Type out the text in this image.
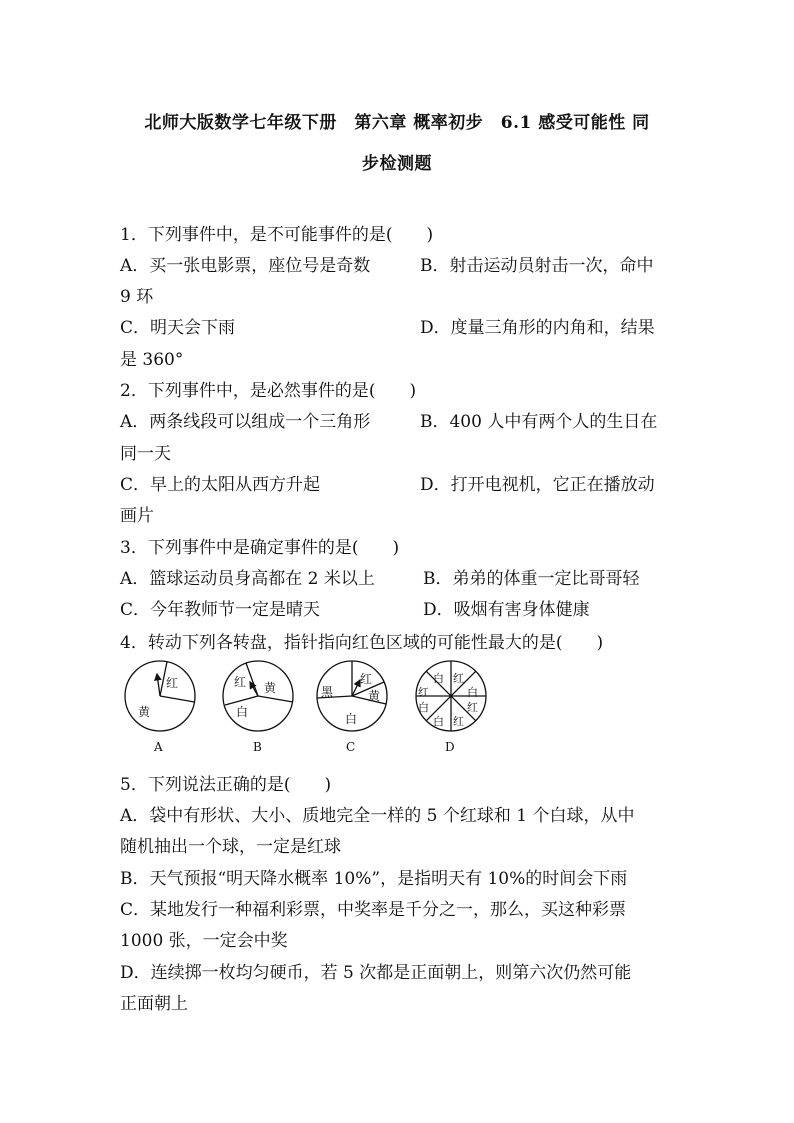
北师大版数学七年级下册　第六章 概率初步　6.1 感受可能性 同
步检测题
1．下列事件中，是不可能事件的是(　　)
A．买一张电影票，座位号是奇数	B．射击运动员射击一次，命中
9 环
C．明天会下雨	D．度量三角形的内角和，结果
是 360°
2．下列事件中，是必然事件的是(　　)
A．两条线段可以组成一个三角形	B．400 人中有两个人的生日在
同一天
C．早上的太阳从西方升起	D．打开电视机，它正在播放动
画片
3．下列事件中是确定事件的是(　　)
A．篮球运动员身高都在 2 米以上	B．弟弟的体重一定比哥哥轻
C．今年教师节一定是晴天	D．吸烟有害身体健康
4．转动下列各转盘，指针指向红色区域的可能性最大的是(　　)
红
黄
A
红 黄
白
B
红
黑	黄
白
C
白 红
红	白
白	红
白 红
D
5．下列说法正确的是(　　)
A．袋中有形状、大小、质地完全一样的 5 个红球和 1 个白球，从中
随机抽出一个球，一定是红球
B．天气预报“明天降水概率 10%”，是指明天有 10%的时间会下雨
C．某地发行一种福利彩票，中奖率是千分之一，那么，买这种彩票
1000 张，一定会中奖
D．连续掷一枚均匀硬币，若 5 次都是正面朝上，则第六次仍然可能
正面朝上
